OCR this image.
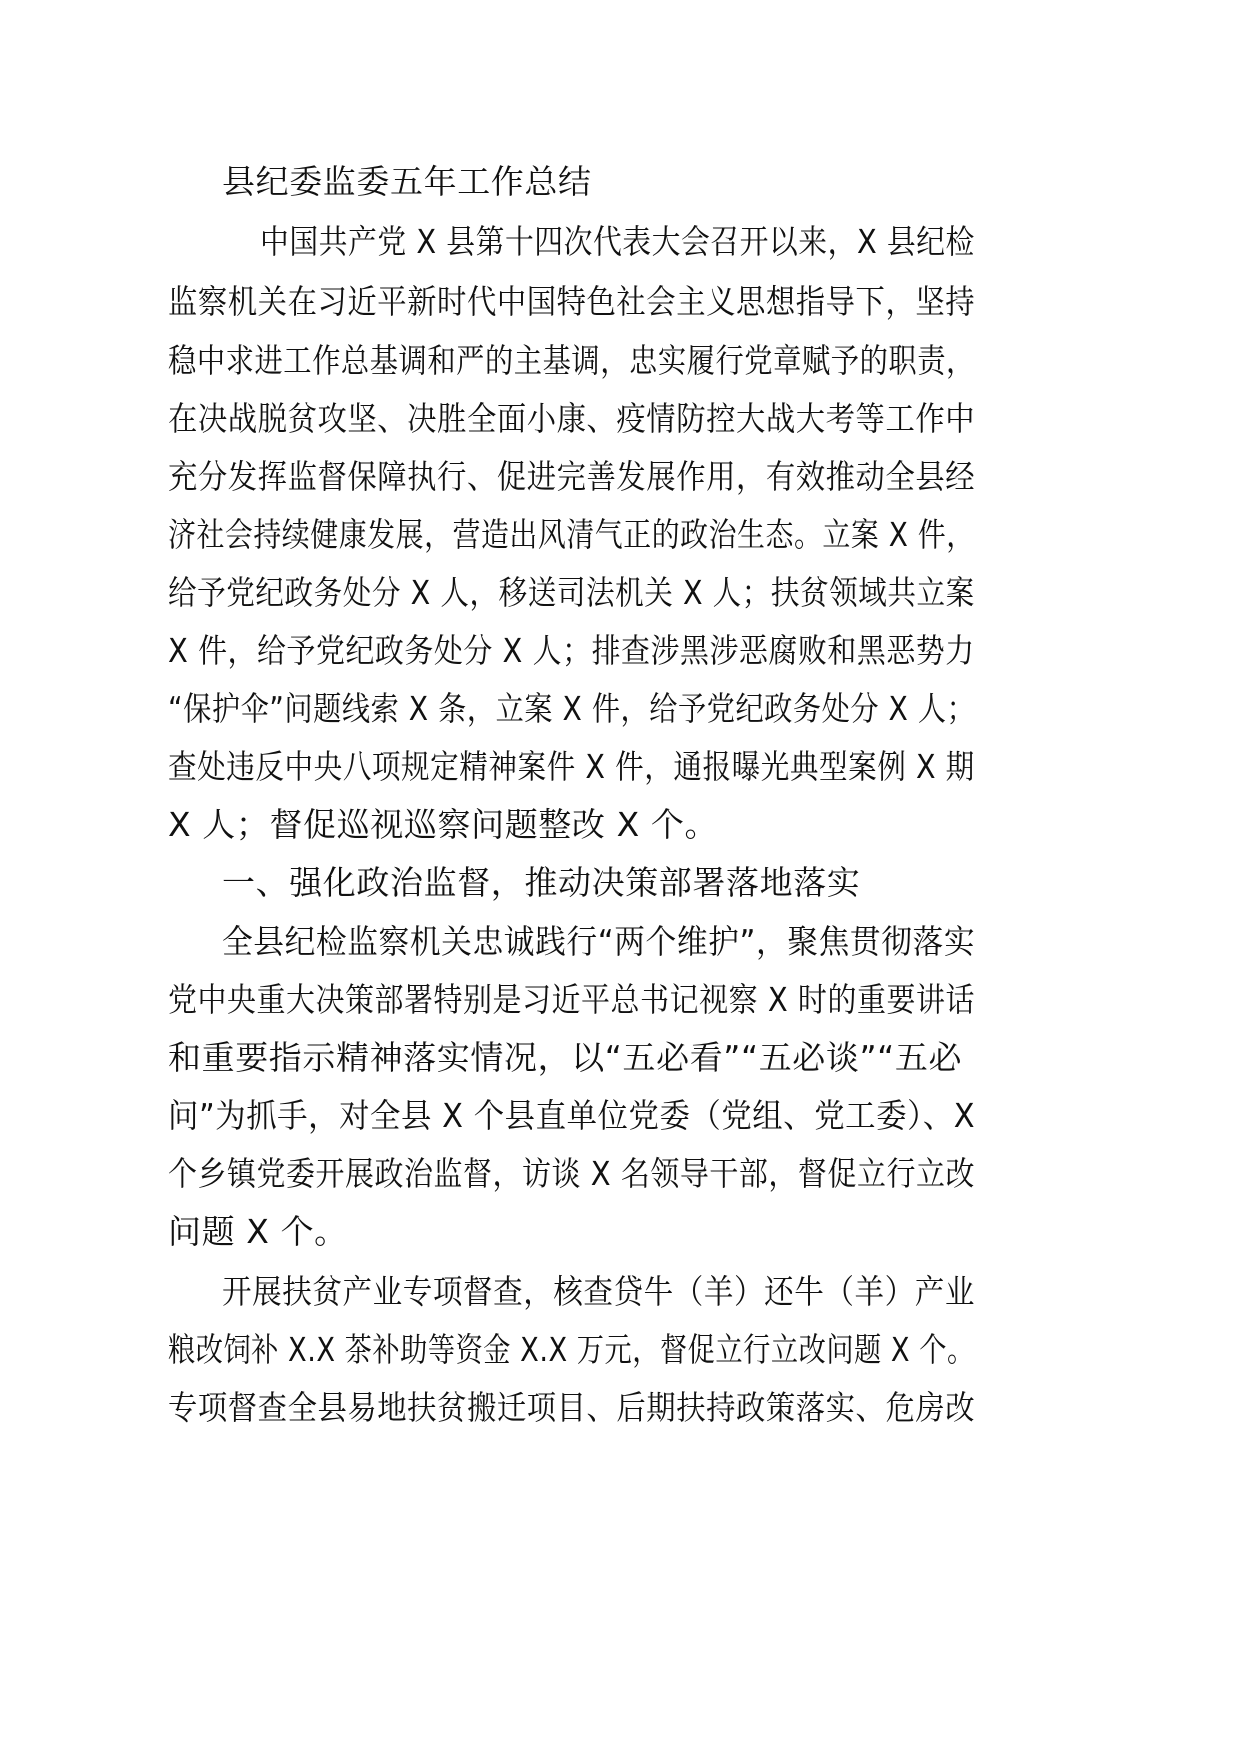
县纪委监委五年工作总结
中国共产党 X 县第十四次代表大会召开以来，X 县纪检
监察机关在习近平新时代中国特色社会主义思想指导下，坚持
稳中求进工作总基调和严的主基调，忠实履行党章赋予的职责，
在决战脱贫攻坚、决胜全面小康、疫情防控大战大考等工作中
充分发挥监督保障执行、促进完善发展作用，有效推动全县经
济社会持续健康发展，营造出风清气正的政治生态。立案 X 件，
给予党纪政务处分 X 人，移送司法机关 X 人；扶贫领域共立案
X 件，给予党纪政务处分 X 人；排查涉黑涉恶腐败和黑恶势力
“保护伞”问题线索 X 条，立案 X 件，给予党纪政务处分 X 人；
查处违反中央八项规定精神案件 X 件，通报曝光典型案例 X 期
X 人；督促巡视巡察问题整改 X 个。
一、强化政治监督，推动决策部署落地落实
全县纪检监察机关忠诚践行“两个维护”，聚焦贯彻落实
党中央重大决策部署特别是习近平总书记视察 X 时的重要讲话
和重要指示精神落实情况，以“五必看”“五必谈”“五必
问”为抓手，对全县 X 个县直单位党委（党组、党工委）、X
个乡镇党委开展政治监督，访谈 X 名领导干部，督促立行立改
问题 X 个。
开展扶贫产业专项督查，核查贷牛（羊）还牛（羊）产业
粮改饲补 X.X 茶补助等资金 X.X 万元，督促立行立改问题 X 个。
专项督查全县易地扶贫搬迁项目、后期扶持政策落实、危房改
